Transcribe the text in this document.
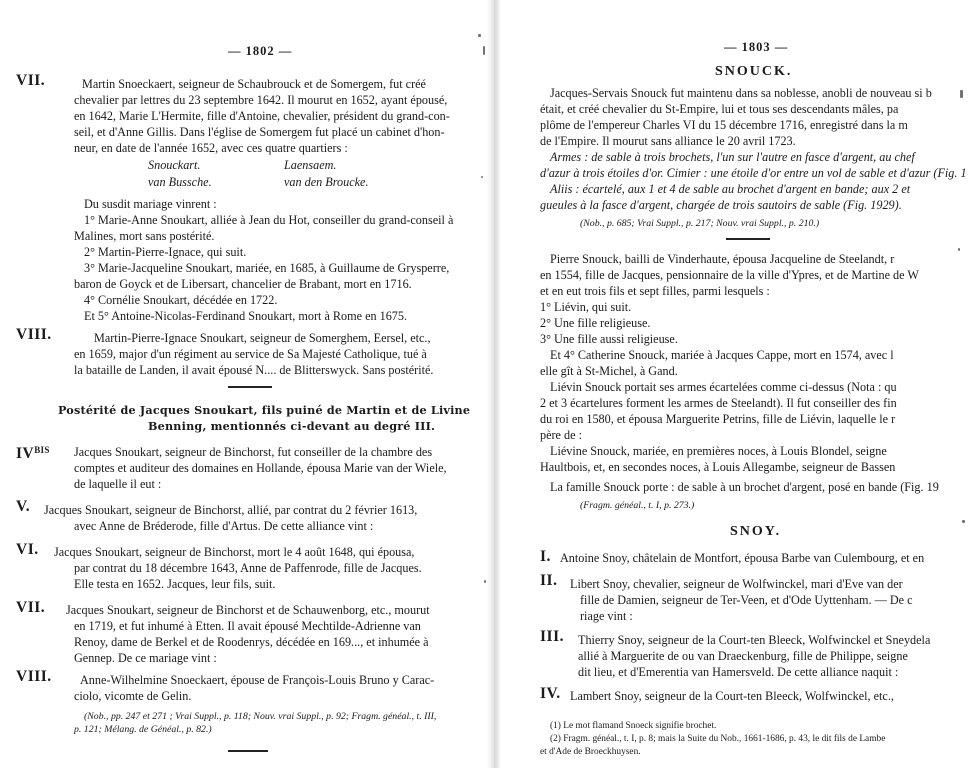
— 1802 —
VII.	Martin Snoeckaert, seigneur de Schaubrouck et de Somergem, fut créé
chevalier par lettres du 23 septembre 1642. Il mourut en 1652, ayant épousé,
en 1642, Marie L'Hermite, fille d'Antoine, chevalier, président du grand-con-
seil, et d'Anne Gillis. Dans l'église de Somergem fut placé un cabinet d'hon-
neur, en date de l'année 1652, avec ces quatre quartiers :
Snouckart.	Laensaem.
van Bussche.	van den Broucke.
Du susdit mariage vinrent :
1° Marie-Anne Snoukart, alliée à Jean du Hot, conseiller du grand-conseil à
Malines, mort sans postérité.
2° Martin-Pierre-Ignace, qui suit.
3° Marie-Jacqueline Snoukart, mariée, en 1685, à Guillaume de Grysperre,
baron de Goyck et de Libersart, chancelier de Brabant, mort en 1716.
4° Cornélie Snoukart, décédée en 1722.
Et 5° Antoine-Nicolas-Ferdinand Snoukart, mort à Rome en 1675.
VIII.	Martin-Pierre-Ignace Snoukart, seigneur de Somerghem, Eersel, etc.,
en 1659, major d'un régiment au service de Sa Majesté Catholique, tué à
la bataille de Landen, il avait épousé N.... de Blitterswyck. Sans postérité.
Postérité de Jacques Snoukart, fils puiné de Martin et de Livine
Benning, mentionnés ci-devant au degré III.
$IV^{BIS}$ Jacques Snoukart, seigneur de Binchorst, fut conseiller de la chambre des
comptes et auditeur des domaines en Hollande, épousa Marie van der Wiele,
de laquelle il eut :
V. Jacques Snoukart, seigneur de Binchorst, allié, par contrat du 2 février 1613,
avec Anne de Bréderode, fille d'Artus. De cette alliance vint :
VI. Jacques Snoukart, seigneur de Binchorst, mort le 4 août 1648, qui épousa,
par contrat du 18 décembre 1643, Anne de Paffenrode, fille de Jacques.
Elle testa en 1652. Jacques, leur fils, suit.
VII. Jacques Snoukart, seigneur de Binchorst et de Schauwenborg, etc., mourut
en 1719, et fut inhumé à Etten. Il avait épousé Mechtilde-Adrienne van
Renoy, dame de Berkel et de Roodenrys, décédée en 169..., et inhumée à
Gennep. De ce mariage vint :
VIII. Anne-Wilhelmine Snoeckaert, épouse de François-Louis Bruno y Carac-
ciolo, vicomte de Gelin.
(Nob., pp. 247 et 271 ; Vrai Suppl., p. 118; Nouv. vrai Suppl., p. 92; Fragm. généal., t. III,
p. 121; Mélang. de Généal., p. 82.)
— 1803 —
SNOUCK.
Jacques-Servais Snouck fut maintenu dans sa noblesse, anobli de nouveau si b
était, et créé chevalier du St-Empire, lui et tous ses descendants mâles, pa
plôme de l'empereur Charles VI du 15 décembre 1716, enregistré dans la m
de l'Empire. Il mourut sans alliance le 20 avril 1723.
Armes : de sable à trois brochets, l'un sur l'autre en fasce d'argent, au chef
d'azur à trois étoiles d'or. Cimier : une étoile d'or entre un vol de sable et d'azur (Fig. 1
Aliis : écartelé, aux 1 et 4 de sable au brochet d'argent en bande; aux 2 et
gueules à la fasce d'argent, chargée de trois sautoirs de sable (Fig. 1929).
(Nob., p. 685; Vrai Suppl., p. 217; Nouv. vrai Suppl., p. 210.)
Pierre Snouck, bailli de Vinderhaute, épousa Jacqueline de Steelandt, r
en 1554, fille de Jacques, pensionnaire de la ville d'Ypres, et de Martine de W
et en eut trois fils et sept filles, parmi lesquels :
1° Liévin, qui suit.
2° Une fille religieuse.
3° Une fille aussi religieuse.
Et 4° Catherine Snouck, mariée à Jacques Cappe, mort en 1574, avec l
elle gît à St-Michel, à Gand.
Liévin Snouck portait ses armes écartelées comme ci-dessus (Nota : qu
2 et 3 écartelures forment les armes de Steelandt). Il fut conseiller des fin
du roi en 1580, et épousa Marguerite Petrins, fille de Liévin, laquelle le r
père de :
Liévine Snouck, mariée, en premières noces, à Louis Blondel, seigne
Haultbois, et, en secondes noces, à Louis Allegambe, seigneur de Bassen
La famille Snouck porte : de sable à un brochet d'argent, posé en bande (Fig. 19
(Fragm. généal., t. I, p. 273.)
SNOY.
I. Antoine Snoy, châtelain de Montfort, épousa Barbe van Culembourg, et en
II. Libert Snoy, chevalier, seigneur de Wolfwinckel, mari d'Eve van der
fille de Damien, seigneur de Ter-Veen, et d'Ode Uyttenham. — De c
riage vint :
III. Thierry Snoy, seigneur de la Court-ten Bleeck, Wolfwinckel et Sneydela
allié à Marguerite de ou van Draeckenburg, fille de Philippe, seigne
dit lieu, et d'Emerentia van Hamersveld. De cette alliance naquit :
IV. Lambert Snoy, seigneur de la Court-ten Bleeck, Wolfwinckel, etc.,
(1) Le mot flamand Snoeck signifie brochet.
(2) Fragm. généal., t. I, p. 8; mais la Suite du Nob., 1661-1686, p. 43, le dit fils de Lambe
et d'Ade de Broeckhuysen.
